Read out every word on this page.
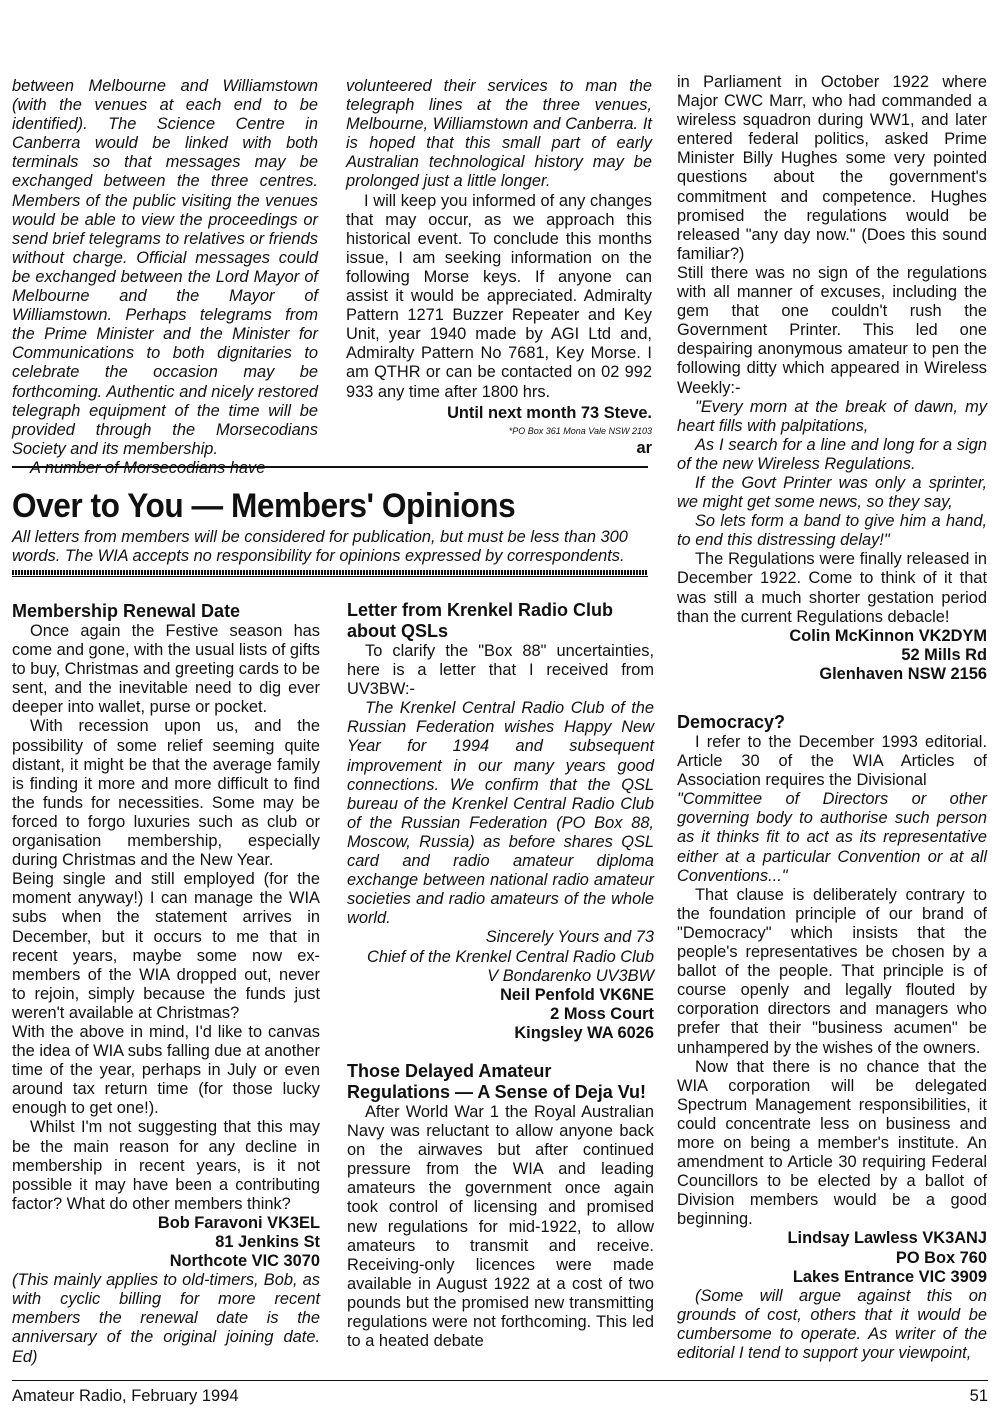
between Melbourne and Williamstown (with the venues at each end to be identified). The Science Centre in Canberra would be linked with both terminals so that messages may be exchanged between the three centres. Members of the public visiting the venues would be able to view the proceedings or send brief telegrams to relatives or friends without charge. Official messages could be exchanged between the Lord Mayor of Melbourne and the Mayor of Williamstown. Perhaps telegrams from the Prime Minister and the Minister for Communications to both dignitaries to celebrate the occasion may be forthcoming. Authentic and nicely restored telegraph equipment of the time will be provided through the Morsecodians Society and its membership.

volunteered their services to man the telegraph lines at the three venues, Melbourne, Williamstown and Canberra. It is hoped that this small part of early Australian technological history may be prolonged just a little longer.

I will keep you informed of any changes that may occur, as we approach this historical event. To conclude this months issue, I am seeking information on the following Morse keys. If anyone can assist it would be appreciated. Admiralty Pattern 1271 Buzzer Repeater and Key Unit, year 1940 made by AGI Ltd and, Admiralty Pattern No 7681, Key Morse. I am QTHR or can be contacted on 02 992 933 any time after 1800 hrs.

Until next month 73 Steve.

*PO Box 361 Mona Vale NSW 2103

ar

Over to You — Members' Opinions
All letters from members will be considered for publication, but must be less than 300 words. The WIA accepts no responsibility for opinions expressed by correspondents.

Membership Renewal Date

Once again the Festive season has come and gone, with the usual lists of gifts to buy, Christmas and greeting cards to be sent, and the inevitable need to dig ever deeper into wallet, purse or pocket.

With recession upon us, and the possibility of some relief seeming quite distant, it might be that the average family is finding it more and more difficult to find the funds for necessities. Some may be forced to forgo luxuries such as club or organisation membership, especially during Christmas and the New Year.

Being single and still employed (for the moment anyway!) I can manage the WIA subs when the statement arrives in December, but it occurs to me that in recent years, maybe some now ex-members of the WIA dropped out, never to rejoin, simply because the funds just weren't available at Christmas?

With the above in mind, I'd like to canvas the idea of WIA subs falling due at another time of the year, perhaps in July or even around tax return time (for those lucky enough to get one!).

Whilst I'm not suggesting that this may be the main reason for any decline in membership in recent years, is it not possible it may have been a contributing factor? What do other members think?

Bob Faravoni VK3EL

81 Jenkins St

Northcote VIC 3070

(This mainly applies to old-timers, Bob, as with cyclic billing for more recent members the renewal date is the anniversary of the original joining date. Ed)

Letter from Krenkel Radio Club about QSLs

To clarify the "Box 88" uncertainties, here is a letter that I received from UV3BW:-

The Krenkel Central Radio Club of the Russian Federation wishes Happy New Year for 1994 and subsequent improvement in our many years good connections. We confirm that the QSL bureau of the Krenkel Central Radio Club of the Russian Federation (PO Box 88, Moscow, Russia) as before shares QSL card and radio amateur diploma exchange between national radio amateur societies and radio amateurs of the whole world.

Sincerely Yours and 73

Chief of the Krenkel Central Radio Club

V Bondarenko UV3BW

Neil Penfold VK6NE

2 Moss Court

Kingsley WA 6026

Those Delayed Amateur Regulations — A Sense of Deja Vu!

After World War 1 the Royal Australian Navy was reluctant to allow anyone back on the airwaves but after continued pressure from the WIA and leading amateurs the government once again took control of licensing and promised new regulations for mid-1922, to allow amateurs to transmit and receive. Receiving-only licences were made available in August 1922 at a cost of two pounds but the promised new transmitting regulations were not forthcoming. This led to a heated debate

in Parliament in October 1922 where Major CWC Marr, who had commanded a wireless squadron during WW1, and later entered federal politics, asked Prime Minister Billy Hughes some very pointed questions about the government's commitment and competence. Hughes promised the regulations would be released "any day now." (Does this sound familiar?)

Still there was no sign of the regulations with all manner of excuses, including the gem that one couldn't rush the Government Printer. This led one despairing anonymous amateur to pen the following ditty which appeared in Wireless Weekly:-

"Every morn at the break of dawn, my heart fills with palpitations,

As I search for a line and long for a sign of the new Wireless Regulations.

If the Govt Printer was only a sprinter, we might get some news, so they say,

So lets form a band to give him a hand, to end this distressing delay!"

The Regulations were finally released in December 1922. Come to think of it that was still a much shorter gestation period than the current Regulations debacle!

Colin McKinnon VK2DYM

52 Mills Rd

Glenhaven NSW 2156

Democracy?

I refer to the December 1993 editorial. Article 30 of the WIA Articles of Association requires the Divisional

"Committee of Directors or other governing body to authorise such person as it thinks fit to act as its representative either at a particular Convention or at all Conventions..."

That clause is deliberately contrary to the foundation principle of our brand of "Democracy" which insists that the people's representatives be chosen by a ballot of the people. That principle is of course openly and legally flouted by corporation directors and managers who prefer that their "business acumen" be unhampered by the wishes of the owners.

Now that there is no chance that the WIA corporation will be delegated Spectrum Management responsibilities, it could concentrate less on business and more on being a member's institute. An amendment to Article 30 requiring Federal Councillors to be elected by a ballot of Division members would be a good beginning.

Lindsay Lawless VK3ANJ

PO Box 760

Lakes Entrance VIC 3909

(Some will argue against this on grounds of cost, others that it would be cumbersome to operate. As writer of the editorial I tend to support your viewpoint,

Amateur Radio, February 1994	51
